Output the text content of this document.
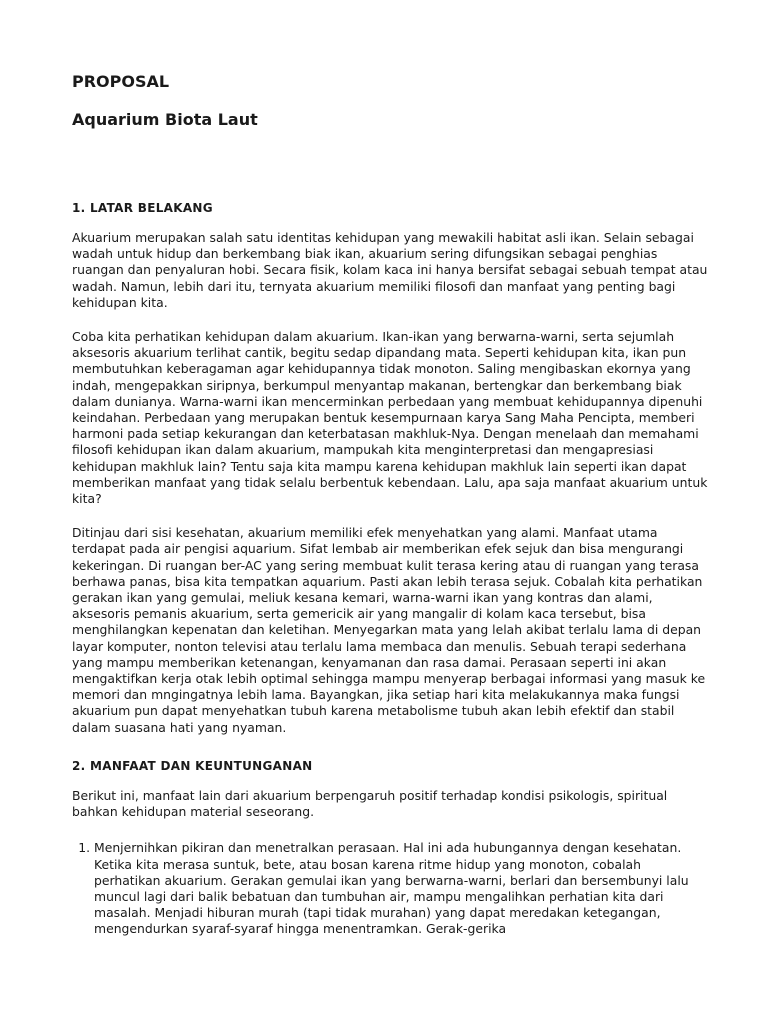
PROPOSAL
Aquarium Biota Laut
1. LATAR BELAKANG

Akuarium merupakan salah satu identitas kehidupan yang mewakili habitat asli ikan. Selain sebagai wadah untuk hidup dan berkembang biak ikan, akuarium sering difungsikan sebagai penghias ruangan dan penyaluran hobi. Secara fisik, kolam kaca ini hanya bersifat sebagai sebuah tempat atau wadah. Namun, lebih dari itu, ternyata akuarium memiliki filosofi dan manfaat yang penting bagi kehidupan kita.

Coba kita perhatikan kehidupan dalam akuarium. Ikan-ikan yang berwarna-warni, serta sejumlah aksesoris akuarium terlihat cantik, begitu sedap dipandang mata. Seperti kehidupan kita, ikan pun membutuhkan keberagaman agar kehidupannya tidak monoton. Saling mengibaskan ekornya yang indah, mengepakkan siripnya, berkumpul menyantap makanan, bertengkar dan berkembang biak dalam dunianya. Warna-warni ikan mencerminkan perbedaan yang membuat kehidupannya dipenuhi keindahan. Perbedaan yang merupakan bentuk kesempurnaan karya Sang Maha Pencipta, memberi harmoni pada setiap kekurangan dan keterbatasan makhluk-Nya. Dengan menelaah dan memahami filosofi kehidupan ikan dalam akuarium, mampukah kita menginterpretasi dan mengapresiasi kehidupan makhluk lain? Tentu saja kita mampu karena kehidupan makhluk lain seperti ikan dapat memberikan manfaat yang tidak selalu berbentuk kebendaan. Lalu, apa saja manfaat akuarium untuk kita?

Ditinjau dari sisi kesehatan, akuarium memiliki efek menyehatkan yang alami. Manfaat utama terdapat pada air pengisi aquarium. Sifat lembab air memberikan efek sejuk dan bisa mengurangi kekeringan. Di ruangan ber-AC yang sering membuat kulit terasa kering atau di ruangan yang terasa berhawa panas, bisa kita tempatkan aquarium. Pasti akan lebih terasa sejuk. Cobalah kita perhatikan gerakan ikan yang gemulai, meliuk kesana kemari, warna-warni ikan yang kontras dan alami, aksesoris pemanis akuarium, serta gemericik air yang mangalir di kolam kaca tersebut, bisa menghilangkan kepenatan dan keletihan. Menyegarkan mata yang lelah akibat terlalu lama di depan layar komputer, nonton televisi atau terlalu lama membaca dan menulis. Sebuah terapi sederhana yang mampu memberikan ketenangan, kenyamanan dan rasa damai. Perasaan seperti ini akan mengaktifkan kerja otak lebih optimal sehingga mampu menyerap berbagai informasi yang masuk ke memori dan mngingatnya lebih lama. Bayangkan, jika setiap hari kita melakukannya maka fungsi akuarium pun dapat menyehatkan tubuh karena metabolisme tubuh akan lebih efektif dan stabil dalam suasana hati yang nyaman.

2. MANFAAT DAN KEUNTUNGANAN

Berikut ini, manfaat lain dari akuarium berpengaruh positif terhadap kondisi psikologis, spiritual bahkan kehidupan material seseorang.

1. Menjernihkan pikiran dan menetralkan perasaan. Hal ini ada hubungannya dengan kesehatan. Ketika kita merasa suntuk, bete, atau bosan karena ritme hidup yang monoton, cobalah perhatikan akuarium. Gerakan gemulai ikan yang berwarna-warni, berlari dan bersembunyi lalu muncul lagi dari balik bebatuan dan tumbuhan air, mampu mengalihkan perhatian kita dari masalah. Menjadi hiburan murah (tapi tidak murahan) yang dapat meredakan ketegangan, mengendurkan syaraf-syaraf hingga menentramkan. Gerak-gerika
